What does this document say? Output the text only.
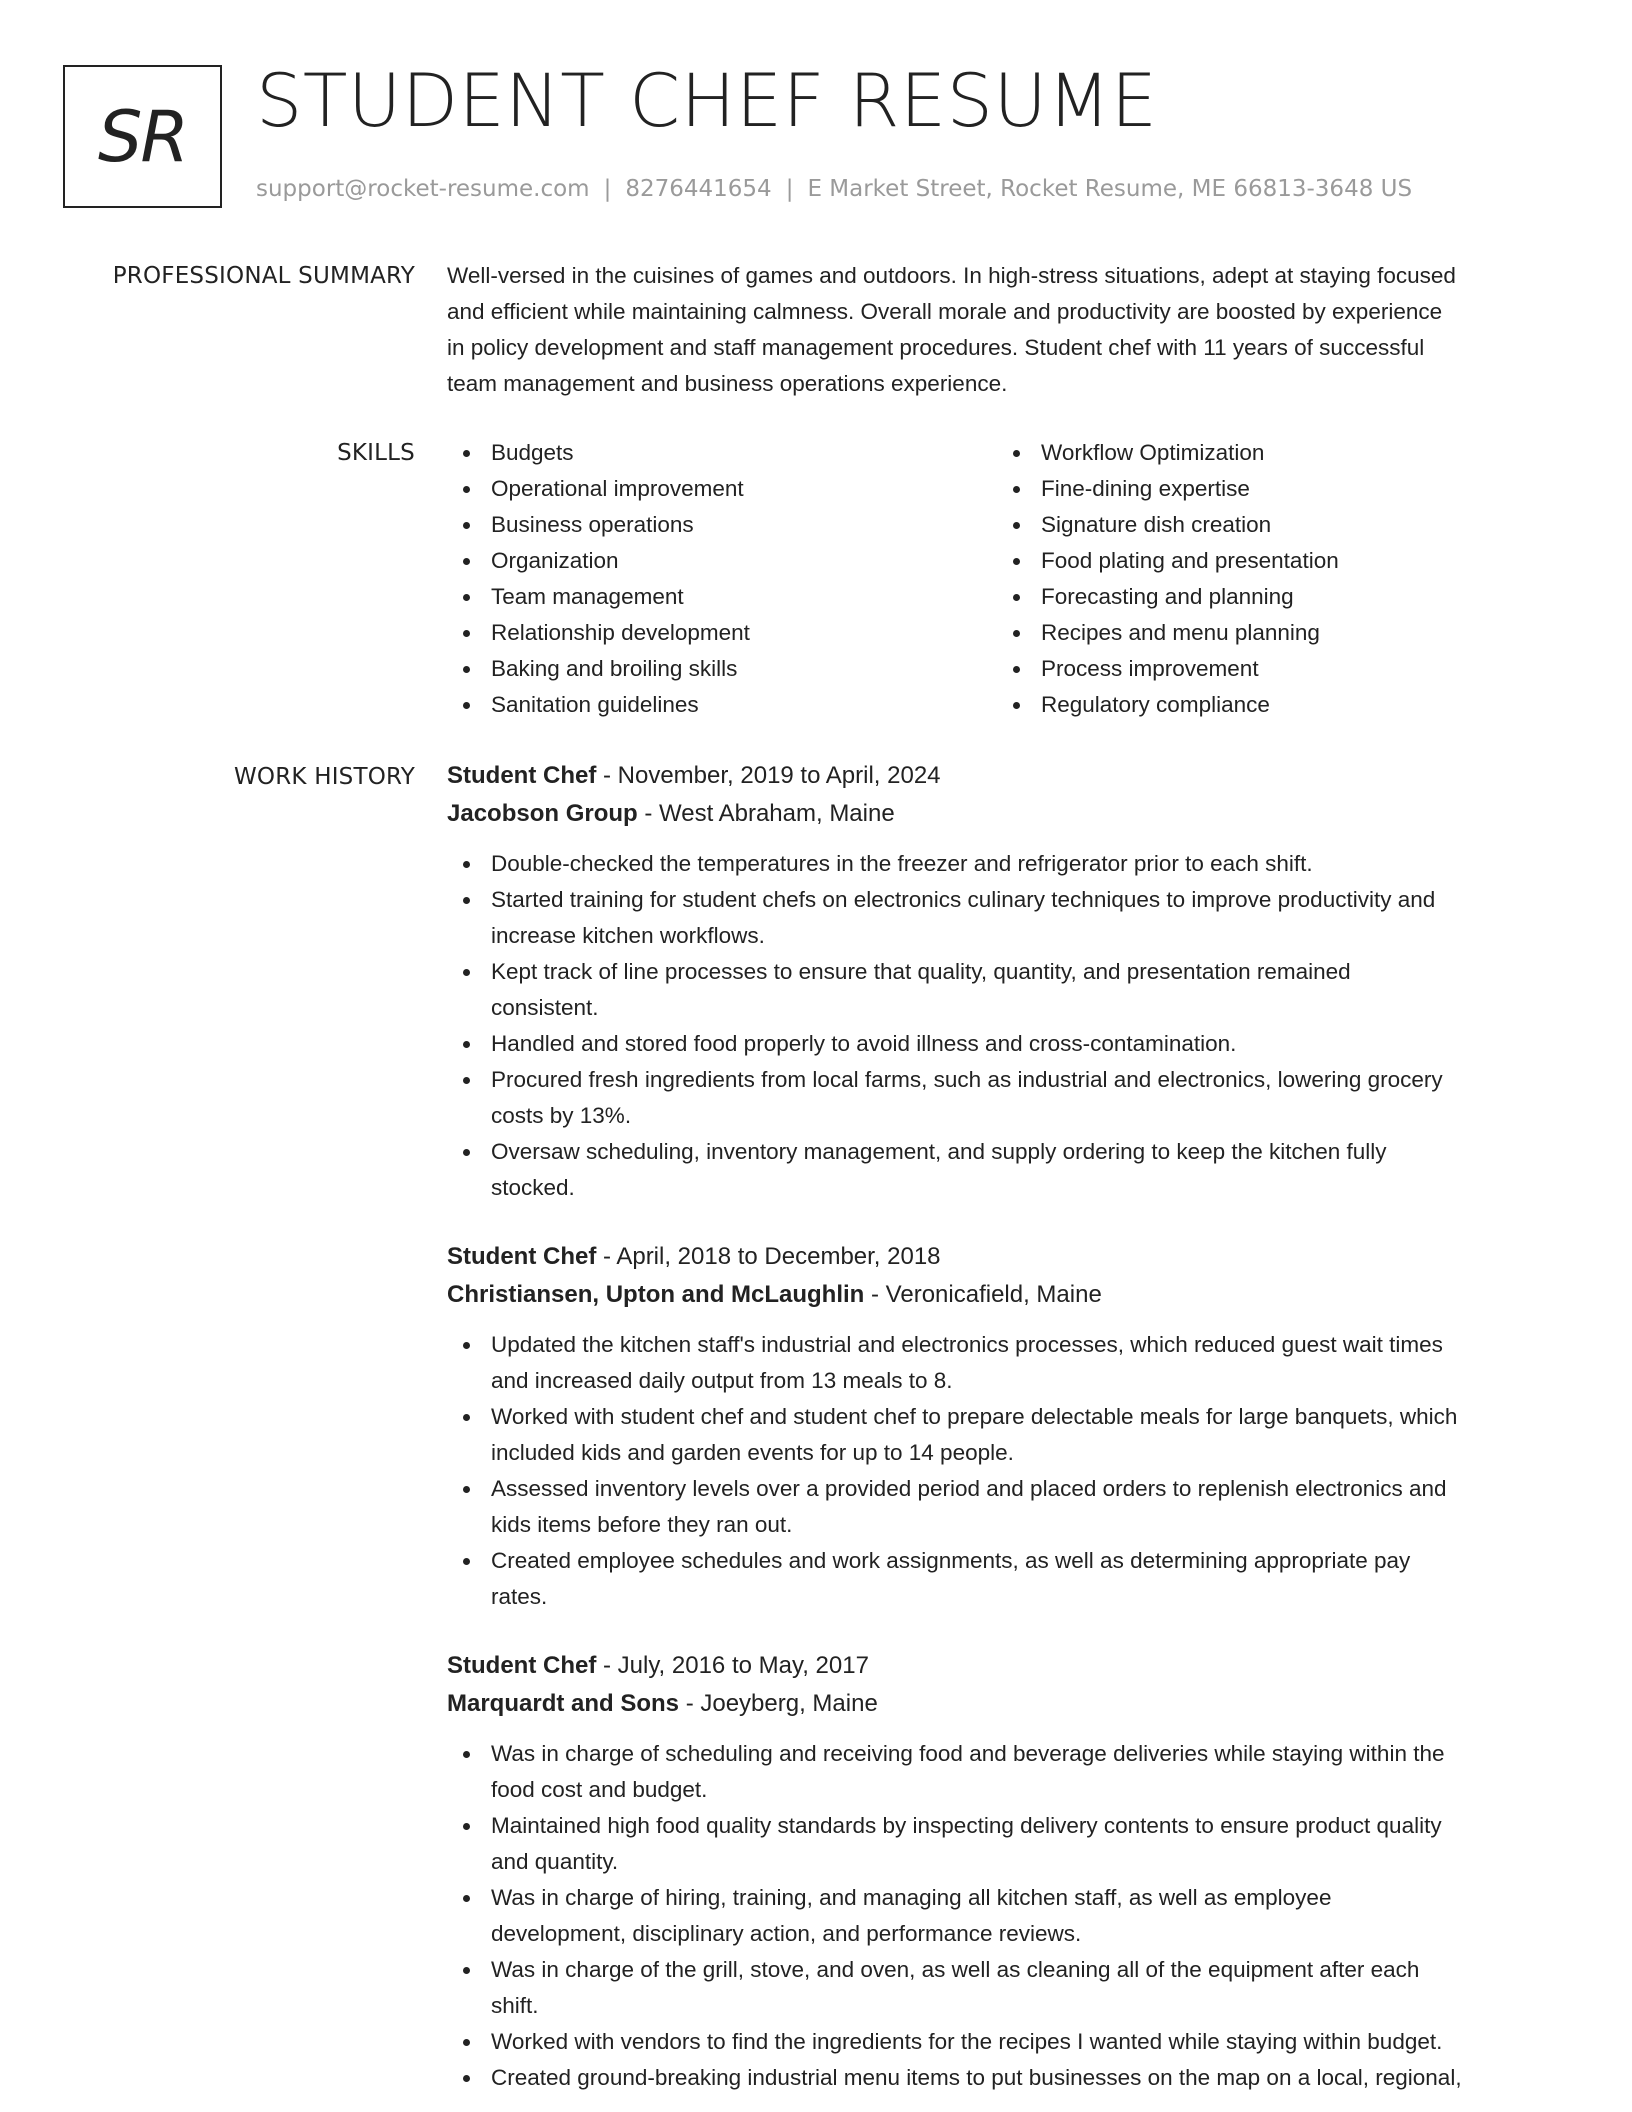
SR STUDENT CHEF RESUME
support@rocket-resume.com | 8276441654 | E Market Street, Rocket Resume, ME 66813-3648 US
PROFESSIONAL SUMMARY Well-versed in the cuisines of games and outdoors. In high-stress situations, adept at staying focused
and efficient while maintaining calmness. Overall morale and productivity are boosted by experience
in policy development and staff management procedures. Student chef with 11 years of successful
team management and business operations experience.
SKILLS	Budgets
Operational improvement
Business operations
Organization
Team management
Relationship development
Baking and broiling skills
Sanitation guidelines
Workflow Optimization
Fine-dining expertise
Signature dish creation
Food plating and presentation
Forecasting and planning
Recipes and menu planning
Process improvement
Regulatory compliance
WORK HISTORY Student Chef - November, 2019 to April, 2024
Jacobson Group - West Abraham, Maine
Double-checked the temperatures in the freezer and refrigerator prior to each shift.
Started training for student chefs on electronics culinary techniques to improve productivity and
increase kitchen workflows.
Kept track of line processes to ensure that quality, quantity, and presentation remained
consistent.
Handled and stored food properly to avoid illness and cross-contamination.
Procured fresh ingredients from local farms, such as industrial and electronics, lowering grocery
costs by 13%.
Oversaw scheduling, inventory management, and supply ordering to keep the kitchen fully
stocked.
Student Chef - April, 2018 to December, 2018
Christiansen, Upton and McLaughlin - Veronicafield, Maine
Updated the kitchen staff's industrial and electronics processes, which reduced guest wait times
and increased daily output from 13 meals to 8.
Worked with student chef and student chef to prepare delectable meals for large banquets, which
included kids and garden events for up to 14 people.
Assessed inventory levels over a provided period and placed orders to replenish electronics and
kids items before they ran out.
Created employee schedules and work assignments, as well as determining appropriate pay
rates.
Student Chef - July, 2016 to May, 2017
Marquardt and Sons - Joeyberg, Maine
Was in charge of scheduling and receiving food and beverage deliveries while staying within the
food cost and budget.
Maintained high food quality standards by inspecting delivery contents to ensure product quality
and quantity.
Was in charge of hiring, training, and managing all kitchen staff, as well as employee
development, disciplinary action, and performance reviews.
Was in charge of the grill, stove, and oven, as well as cleaning all of the equipment after each
shift.
Worked with vendors to find the ingredients for the recipes I wanted while staying within budget.
Created ground-breaking industrial menu items to put businesses on the map on a local, regional,
